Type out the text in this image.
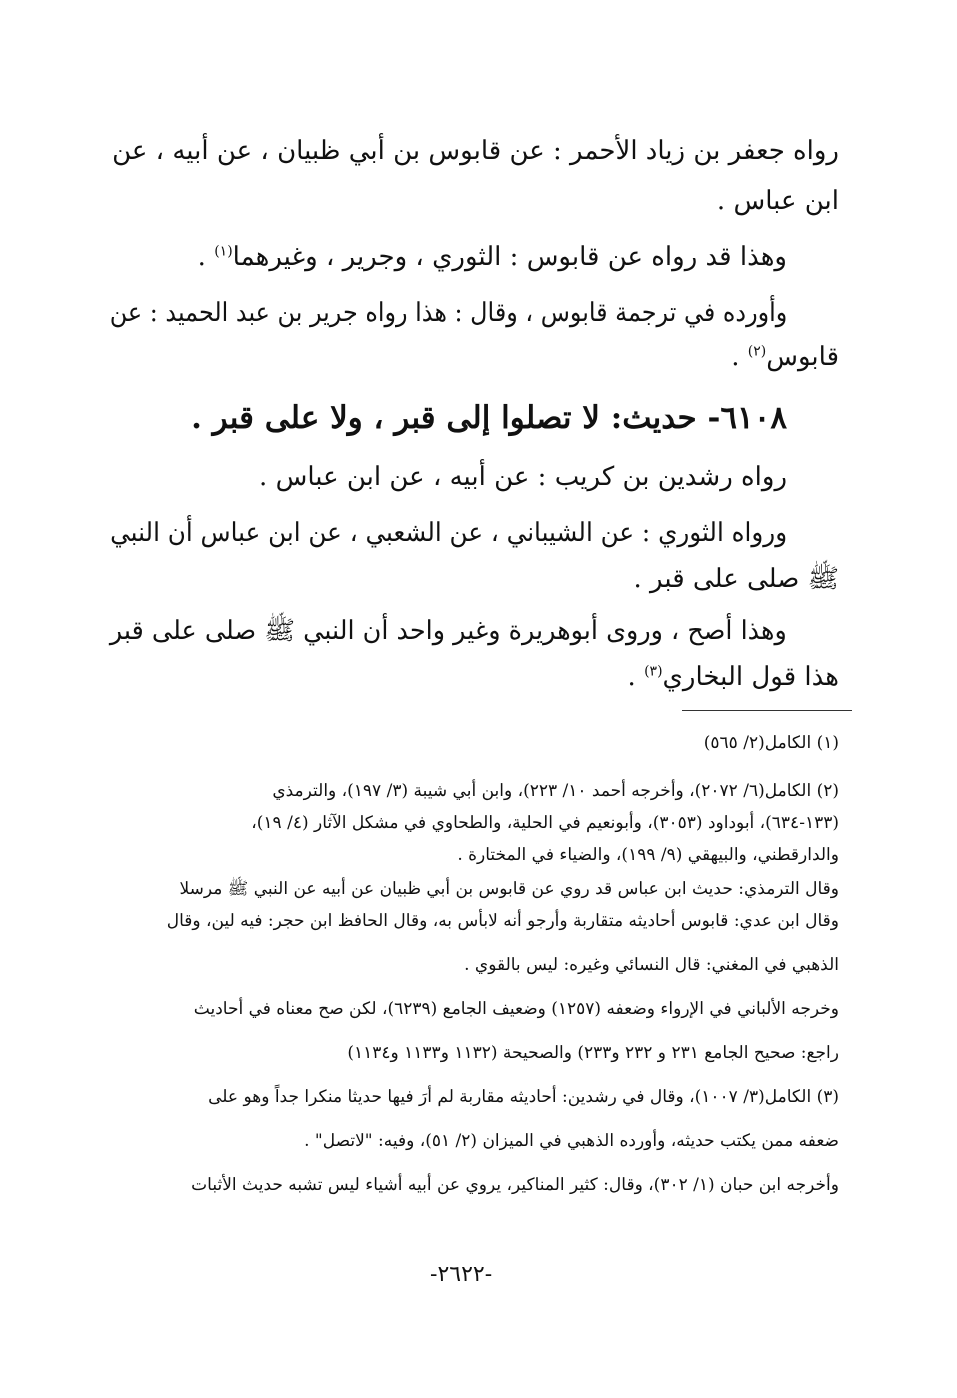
رواه جعفر بن زياد الأحمر : عن قابوس بن أبي ظبيان ، عن أبيه ، عن

ابن عباس .

وهذا قد رواه عن قابوس : الثوري ، وجرير ، وغيرهما$^{(١)}$ .

وأورده في ترجمة قابوس ، وقال : هذا رواه جرير بن عبد الحميد : عن

قابوس$^{(٢)}$ .

٦١٠٨- حديث: لا تصلوا إلى قبر ، ولا على قبر .

رواه رشدين بن كريب : عن أبيه ، عن ابن عباس .

ورواه الثوري : عن الشيباني ، عن الشعبي ، عن ابن عباس أن النبي

ﷺ صلى على قبر .

وهذا أصح ، وروى أبوهريرة وغير واحد أن النبي ﷺ صلى على قبر

هذا قول البخاري$^{(٣)}$ .

(١) الكامل(٢/ ٥٦٥)

(٢) الكامل(٦/ ٢٠٧٢)، وأخرجه أحمد ١٠/ ٢٢٣)، وابن أبي شيبة (٣/ ١٩٧)، والترمذي

(١٣٣-٦٣٤)، أبوداود (٣٠٥٣)، وأبونعيم في الحلية، والطحاوي في مشكل الآثار (٤/ ١٩)،

والدارقطني، والبيهقي (٩/ ١٩٩)، والضياء في المختارة .

وقال الترمذي: حديث ابن عباس قد روي عن قابوس بن أبي ظبيان عن أبيه عن النبي ﷺ مرسلا

وقال ابن عدي: قابوس أحاديثه متقاربة وأرجو أنه لابأس به، وقال الحافظ ابن حجر: فيه لين، وقال

الذهبي في المغني: قال النسائي وغيره: ليس بالقوي .

وخرجه الألباني في الإرواء وضعفه (١٢٥٧) وضعيف الجامع (٦٢٣٩)، لكن صح معناه في أحاديث

راجع: صحيح الجامع ٢٣١ و ٢٣٢ و٢٣٣) والصحيحة (١١٣٢ و١١٣٣ و١١٣٤)

(٣) الكامل(٣/ ١٠٠٧)، وقال في رشدين: أحاديثه مقاربة لم أرَ فيها حديثا منكرا جداً وهو على

ضعفه ممن يكتب حديثه، وأورده الذهبي في الميزان (٢/ ٥١)، وفيه: "لاتصل" .

وأخرجه ابن حبان (١/ ٣٠٢)، وقال: كثير المناكير، يروي عن أبيه أشياء ليس تشبه حديث الأثبات

-٢٦٢٢-
